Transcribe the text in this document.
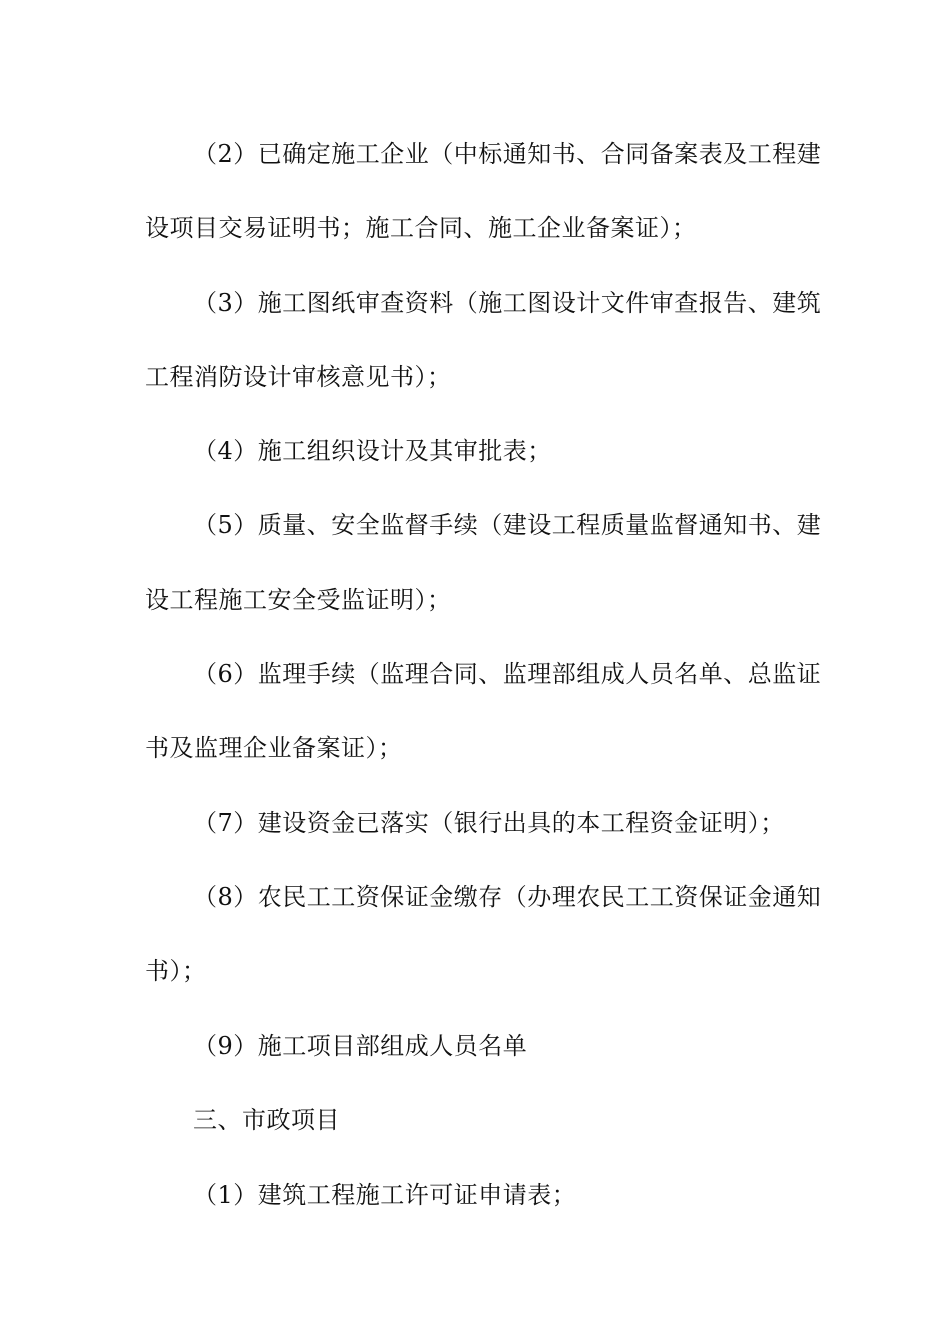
（2）已确定施工企业（中标通知书、合同备案表及工程建

设项目交易证明书；施工合同、施工企业备案证）；

（3）施工图纸审查资料（施工图设计文件审查报告、建筑

工程消防设计审核意见书）；

（4）施工组织设计及其审批表；

（5）质量、安全监督手续（建设工程质量监督通知书、建

设工程施工安全受监证明）；

（6）监理手续（监理合同、监理部组成人员名单、总监证

书及监理企业备案证）；

（7）建设资金已落实（银行出具的本工程资金证明）；

（8）农民工工资保证金缴存（办理农民工工资保证金通知

书）；

（9）施工项目部组成人员名单

三、市政项目

（1）建筑工程施工许可证申请表；
